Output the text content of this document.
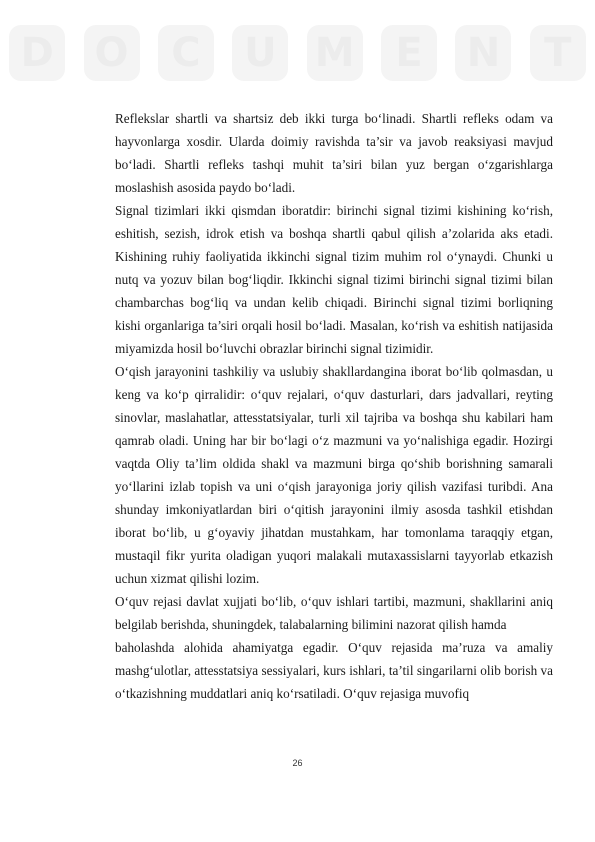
D O C U M E N T

Reflekslar shartli va shartsiz deb ikki turga bo‘linadi. Shartli refleks odam va hayvonlarga xosdir. Ularda doimiy ravishda ta’sir va javob reaksiyasi mavjud bo‘ladi. Shartli refleks tashqi muhit ta’siri bilan yuz bergan o‘zgarishlarga moslashish asosida paydo bo‘ladi.

Signal tizimlari ikki qismdan iboratdir: birinchi signal tizimi kishining ko‘rish, eshitish, sezish, idrok etish va boshqa shartli qabul qilish a’zolarida aks etadi. Kishining ruhiy faoliyatida ikkinchi signal tizim muhim rol o‘ynaydi. Chunki u nutq va yozuv bilan bog‘liqdir. Ikkinchi signal tizimi birinchi signal tizimi bilan chambarchas bog‘liq va undan kelib chiqadi. Birinchi signal tizimi borliqning kishi organlariga ta’siri orqali hosil bo‘ladi. Masalan, ko‘rish va eshitish natijasida miyamizda hosil bo‘luvchi obrazlar birinchi signal tizimidir.

O‘qish jarayonini tashkiliy va uslubiy shakllardangina iborat bo‘lib qolmasdan, u keng va ko‘p qirralidir: o‘quv rejalari, o‘quv dasturlari, dars jadvallari, reyting sinovlar, maslahatlar, attesstatsiyalar, turli xil tajriba va boshqa shu kabilari ham qamrab oladi. Uning har bir bo‘lagi o‘z mazmuni va yo‘nalishiga egadir. Hozirgi vaqtda Oliy ta’lim oldida shakl va mazmuni birga qo‘shib borishning samarali yo‘llarini izlab topish va uni o‘qish jarayoniga joriy qilish vazifasi turibdi. Ana shunday imkoniyatlardan biri o‘qitish jarayonini ilmiy asosda tashkil etishdan iborat bo‘lib, u g‘oyaviy jihatdan mustahkam, har tomonlama taraqqiy etgan, mustaqil fikr yurita oladigan yuqori malakali mutaxassislarni tayyorlab etkazish uchun xizmat qilishi lozim.

O‘quv rejasi davlat xujjati bo‘lib, o‘quv ishlari tartibi, mazmuni, shakllarini aniq belgilab berishda, shuningdek, talabalarning bilimini nazorat qilish hamda

baholashda alohida ahamiyatga egadir. O‘quv rejasida ma’ruza va amaliy mashg‘ulotlar, attesstatsiya sessiyalari, kurs ishlari, ta’til singarilarni olib borish va o‘tkazishning muddatlari aniq ko‘rsatiladi. O‘quv rejasiga muvofiq

26
